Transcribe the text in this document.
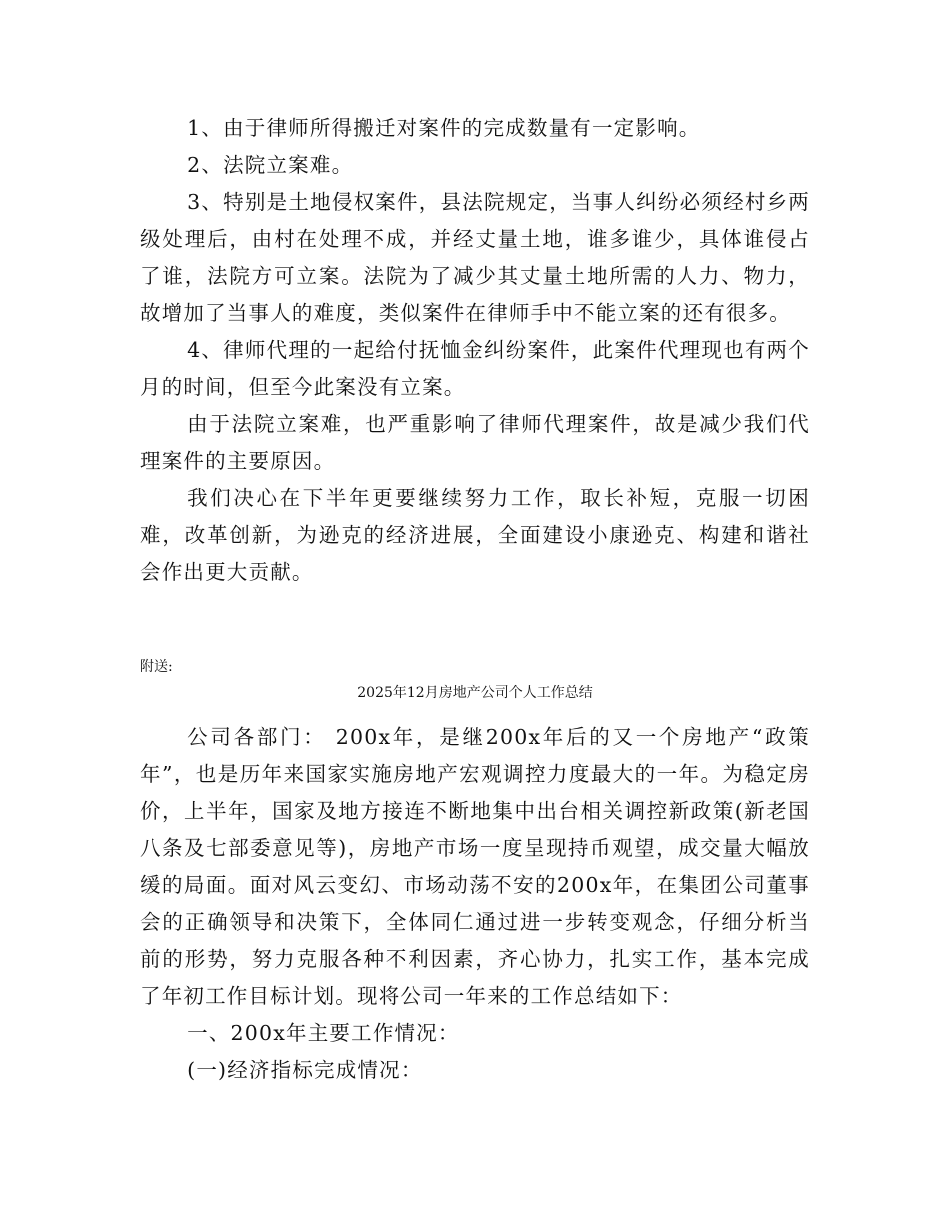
1、由于律师所得搬迁对案件的完成数量有一定影响。

2、法院立案难。

3、特别是土地侵权案件，县法院规定，当事人纠纷必须经村乡两级处理后，由村在处理不成，并经丈量土地，谁多谁少，具体谁侵占了谁，法院方可立案。法院为了减少其丈量土地所需的人力、物力，故增加了当事人的难度，类似案件在律师手中不能立案的还有很多。

4、律师代理的一起给付抚恤金纠纷案件，此案件代理现也有两个月的时间，但至今此案没有立案。

由于法院立案难，也严重影响了律师代理案件，故是减少我们代理案件的主要原因。

我们决心在下半年更要继续努力工作，取长补短，克服一切困难，改革创新，为逊克的经济进展，全面建设小康逊克、构建和谐社会作出更大贡献。

附送:

2025年12月房地产公司个人工作总结

公司各部门： 200x年，是继200x年后的又一个房地产“政策年”，也是历年来国家实施房地产宏观调控力度最大的一年。为稳定房价，上半年，国家及地方接连不断地集中出台相关调控新政策(新老国八条及七部委意见等)，房地产市场一度呈现持币观望，成交量大幅放缓的局面。面对风云变幻、市场动荡不安的200x年，在集团公司董事会的正确领导和决策下，全体同仁通过进一步转变观念，仔细分析当前的形势，努力克服各种不利因素，齐心协力，扎实工作，基本完成了年初工作目标计划。现将公司一年来的工作总结如下：

一、200x年主要工作情况：

(一)经济指标完成情况：
